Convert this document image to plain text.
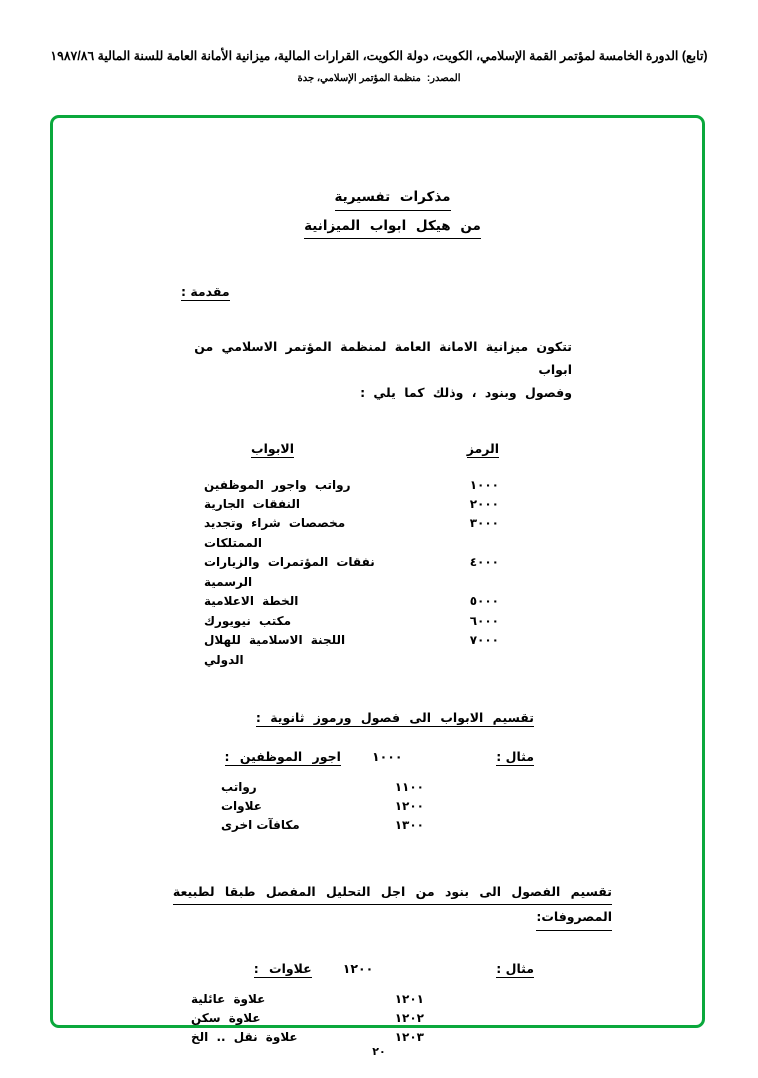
(تابع) الدورة الخامسة لمؤتمر القمة الإسلامي، الكويت، دولة الكويت، القرارات المالية، ميزانية الأمانة العامة للسنة المالية ١٩٨٧/٨٦
المصدر:منظمة المؤتمر الإسلامي، جدة
مذكرات تفسيرية
من هيكل ابواب الميزانية
مقدمة :
تتكون ميزانية الامانة العامة لمنظمة المؤتمر الاسلامي من ابواب
وفصول وبنود ، وذلك كما يلي :
الرمز
الابواب
١٠٠٠
رواتب واجور الموظفين
٢٠٠٠
النفقات الجارية
٣٠٠٠
مخصصات شراء وتجديد الممتلكات
٤٠٠٠
نفقات المؤتمرات والزيارات الرسمية
٥٠٠٠
الخطة الاعلامية
٦٠٠٠
مكتب نيويورك
٧٠٠٠
اللجنة الاسلامية للهلال الدولي
تقسيم الابواب الى فصول ورموز ثانوية :
مثال :
١٠٠٠   اجور الموظفين :
١١٠٠
رواتب
١٢٠٠
علاوات
١٣٠٠
مكافآت اخرى
تقسيم الفصول الى بنود من اجل التحليل المفصل طبقا لطبيعة
المصروفات:
مثال :
١٢٠٠   علاوات :
١٢٠١
علاوة عائلية
١٢٠٢
علاوة سكن
١٢٠٣
علاوة نقل .. الخ
٢٠
